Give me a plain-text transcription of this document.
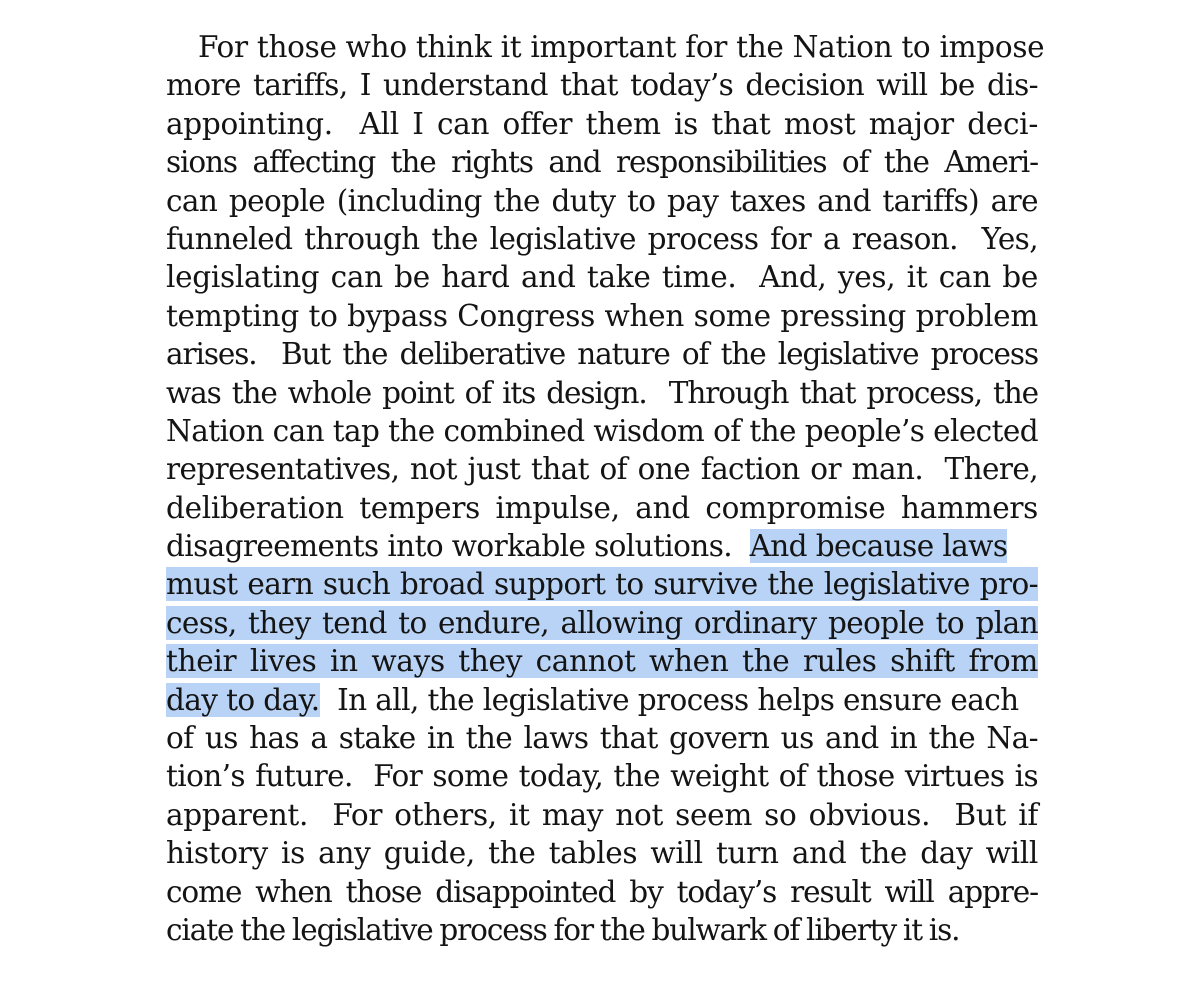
For those who think it important for the Nation to impose
more tariffs, I understand that today’s decision will be dis-
appointing.  All I can offer them is that most major deci-
sions affecting the rights and responsibilities of the Ameri-
can people (including the duty to pay taxes and tariffs) are
funneled through the legislative process for a reason.  Yes,
legislating can be hard and take time.  And, yes, it can be
tempting to bypass Congress when some pressing problem
arises.  But the deliberative nature of the legislative process
was the whole point of its design.  Through that process, the
Nation can tap the combined wisdom of the people’s elected
representatives, not just that of one faction or man.  There,
deliberation tempers impulse, and compromise hammers
disagreements into workable solutions.  And because laws
must earn such broad support to survive the legislative pro-
cess, they tend to endure, allowing ordinary people to plan
their lives in ways they cannot when the rules shift from
day to day.  In all, the legislative process helps ensure each
of us has a stake in the laws that govern us and in the Na-
tion’s future.  For some today, the weight of those virtues is
apparent.  For others, it may not seem so obvious.  But if
history is any guide, the tables will turn and the day will
come when those disappointed by today’s result will appre-
ciate the legislative process for the bulwark of liberty it is.
